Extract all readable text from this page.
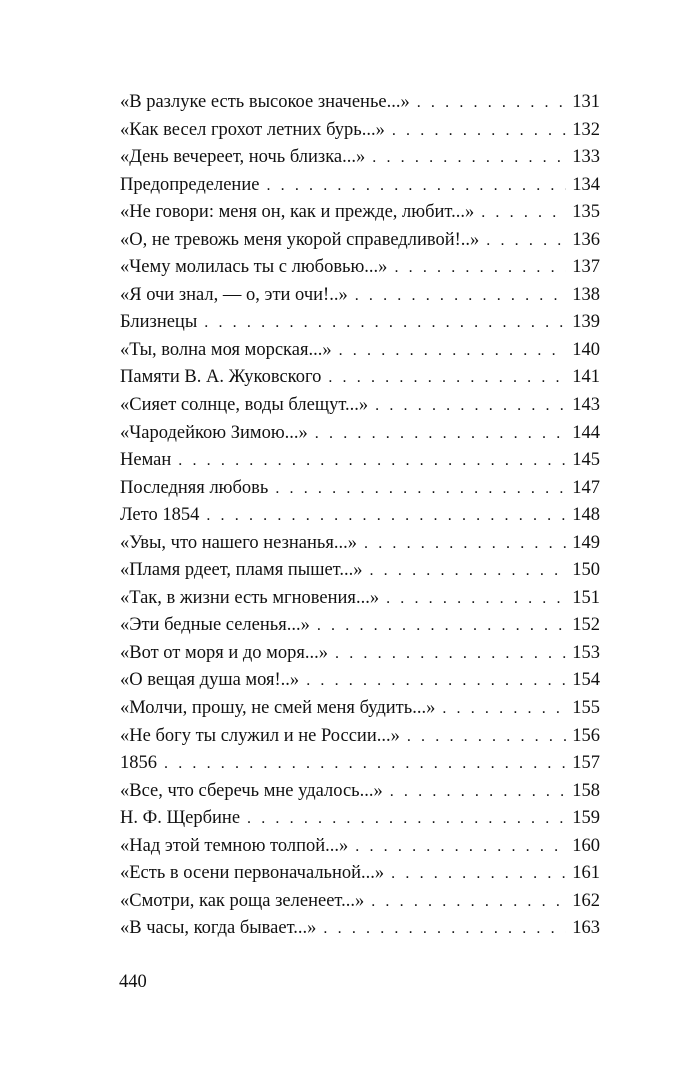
«В разлуке есть высокое значенье...» . . .	131
«Как весел грохот летних бурь...» . . .	132
«День вечереет, ночь близка...» . . .	133
Предопределение . . .	134
«Не говори: меня он, как и прежде, любит...» . . .	135
«О, не тревожь меня укорой справедливой!..» . . .	136
«Чему молилась ты с любовью...» . . .	137
«Я очи знал, — о, эти очи!..» . . .	138
Близнецы . . .	139
«Ты, волна моя морская...» . . .	140
Памяти В. А. Жуковского . . .	141
«Сияет солнце, воды блещут...» . . .	143
«Чародейкою Зимою...» . . .	144
Неман . . .	145
Последняя любовь . . .	147
Лето 1854 . . .	148
«Увы, что нашего незнанья...» . . .	149
«Пламя рдеет, пламя пышет...» . . .	150
«Так, в жизни есть мгновения...» . . .	151
«Эти бедные селенья...» . . .	152
«Вот от моря и до моря...» . . .	153
«О вещая душа моя!..» . . .	154
«Молчи, прошу, не смей меня будить...» . . .	155
«Не богу ты служил и не России...» . . .	156
1856 . . .	157
«Все, что сберечь мне удалось...» . . .	158
Н. Ф. Щербине . . .	159
«Над этой темною толпой...» . . .	160
«Есть в осени первоначальной...» . . .	161
«Смотри, как роща зеленеет...» . . .	162
«В часы, когда бывает...» . . .	163
440
